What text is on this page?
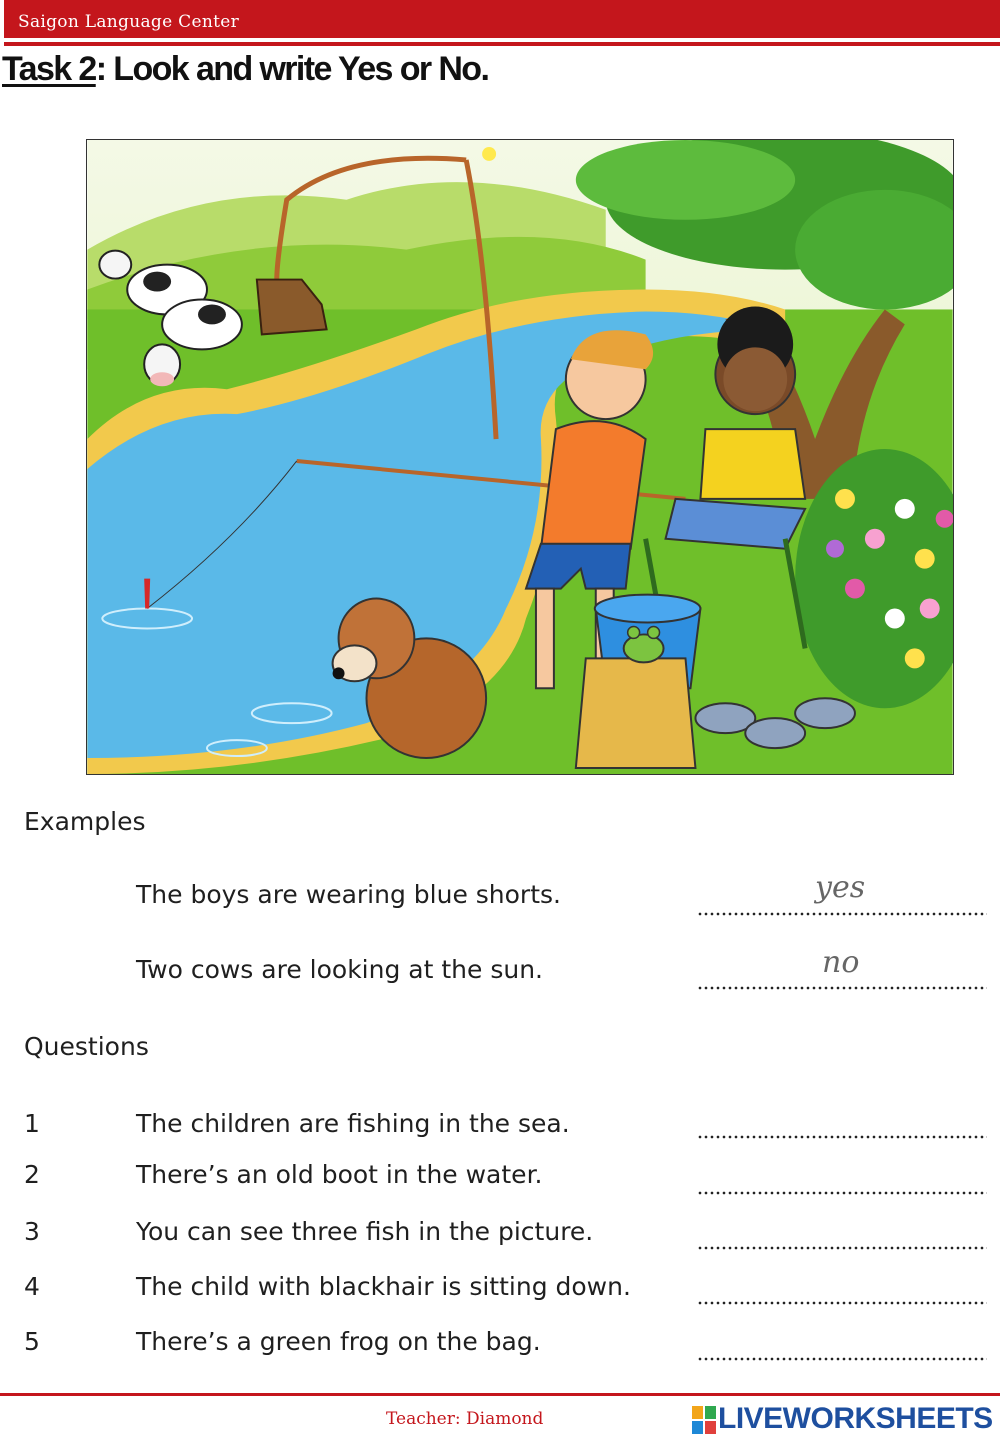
Saigon Language Center
Task 2: Look and write Yes or No.
Examples
The boys are wearing blue shorts.	yes
Two cows are looking at the sun.	no
Questions
1	The children are fishing in the sea.
2	There’s an old boot in the water.
3	You can see three fish in the picture.
4	The child with blackhair is sitting down.
5	There’s a green frog on the bag.
Teacher: Diamond	LIVEWORKSHEETS
